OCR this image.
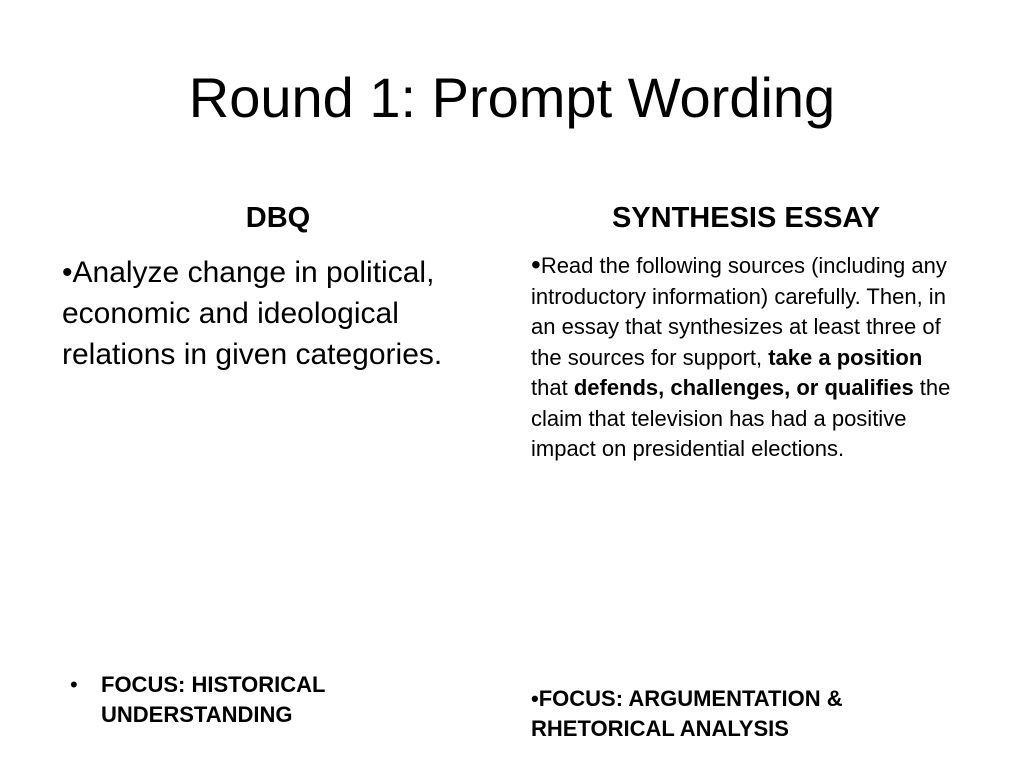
Round 1: Prompt Wording
DBQ	SYNTHESIS ESSAY
•Analyze change in political, economic and ideological relations in given categories.
•Read the following sources (including any introductory information) carefully. Then, in an essay that synthesizes at least three of the sources for support, take a position that defends, challenges, or qualifies the claim that television has had a positive impact on presidential elections.
•	FOCUS: HISTORICAL UNDERSTANDING
•FOCUS: ARGUMENTATION & RHETORICAL ANALYSIS
